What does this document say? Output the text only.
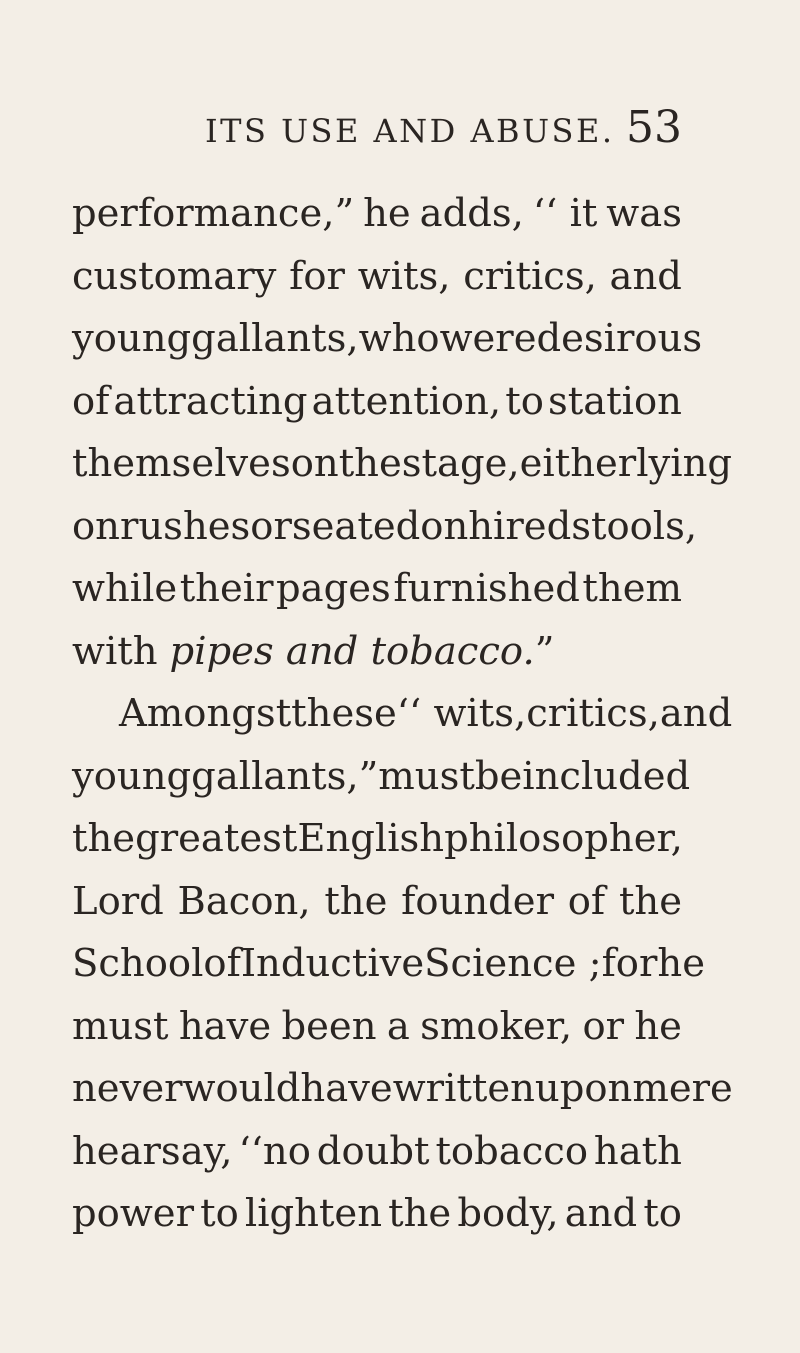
ITS USE AND ABUSE. 53
performance,” he adds, ‘‘ it was
customary for wits, critics, and
young gallants, who were desirous
of attracting attention, to station
themselves on the stage, either lying
on rushes or seated on hired stools,
while their pages furnished them
with pipes and tobacco. ”
Amongst these ‘‘ wits, critics, and
young gallants,” must be included
the greatest English philosopher,
Lord Bacon, the founder of the
School of Inductive Science ; for he
must have been a smoker, or he
never would have written upon mere
hearsay, ‘‘no doubt tobacco hath
power to lighten the body, and to
